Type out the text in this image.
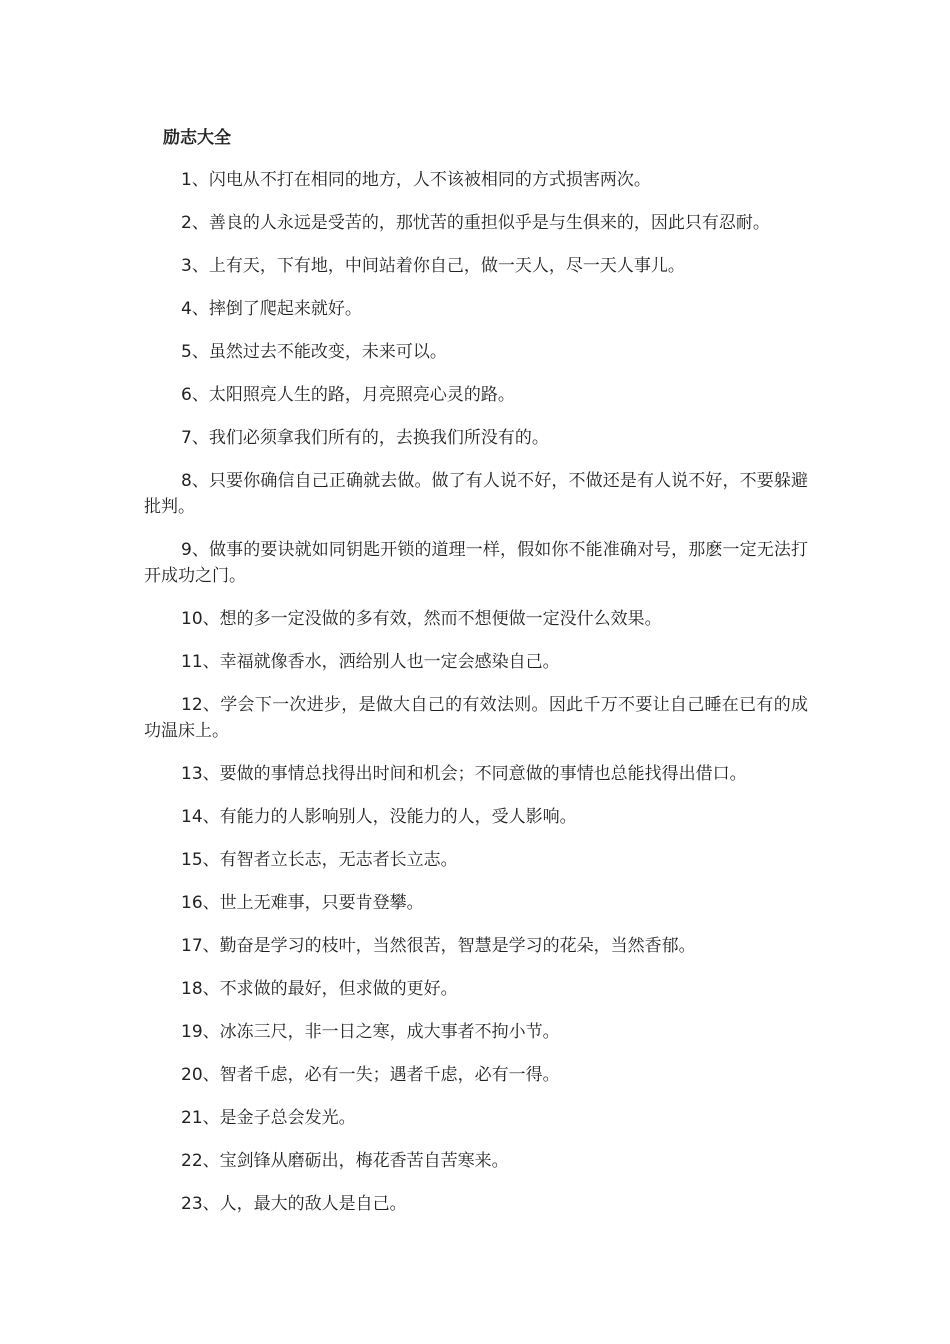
励志大全
1、闪电从不打在相同的地方，人不该被相同的方式损害两次。
2、善良的人永远是受苦的，那忧苦的重担似乎是与生俱来的，因此只有忍耐。
3、上有天，下有地，中间站着你自己，做一天人，尽一天人事儿。
4、摔倒了爬起来就好。
5、虽然过去不能改变，未来可以。
6、太阳照亮人生的路，月亮照亮心灵的路。
7、我们必须拿我们所有的，去换我们所没有的。
8、只要你确信自己正确就去做。做了有人说不好，不做还是有人说不好，不要躲避批判。
9、做事的要诀就如同钥匙开锁的道理一样，假如你不能准确对号，那麽一定无法打开成功之门。
10、想的多一定没做的多有效，然而不想便做一定没什么效果。
11、幸福就像香水，洒给别人也一定会感染自己。
12、学会下一次进步，是做大自己的有效法则。因此千万不要让自己睡在已有的成功温床上。
13、要做的事情总找得出时间和机会；不同意做的事情也总能找得出借口。
14、有能力的人影响别人，没能力的人，受人影响。
15、有智者立长志，无志者长立志。
16、世上无难事，只要肯登攀。
17、勤奋是学习的枝叶，当然很苦，智慧是学习的花朵，当然香郁。
18、不求做的最好，但求做的更好。
19、冰冻三尺，非一日之寒，成大事者不拘小节。
20、智者千虑，必有一失；遇者千虑，必有一得。
21、是金子总会发光。
22、宝剑锋从磨砺出，梅花香苦自苦寒来。
23、人，最大的敌人是自己。
